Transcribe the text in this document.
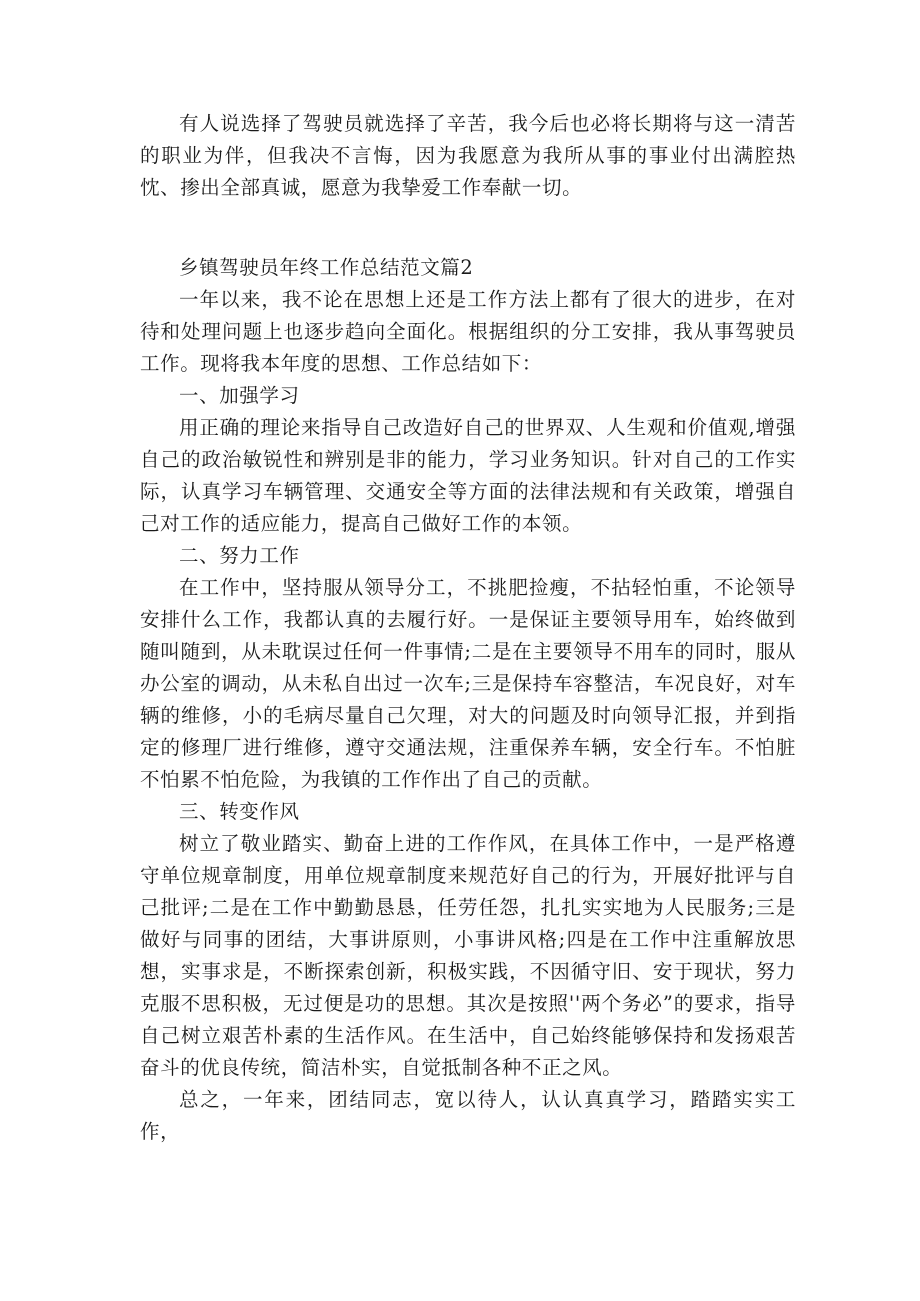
有人说选择了驾驶员就选择了辛苦，我今后也必将长期将与这一清苦的职业为伴，但我决不言悔，因为我愿意为我所从事的事业付出满腔热忱、掺出全部真诚，愿意为我挚爱工作奉献一切。

乡镇驾驶员年终工作总结范文篇2

一年以来，我不论在思想上还是工作方法上都有了很大的进步，在对待和处理问题上也逐步趋向全面化。根据组织的分工安排，我从事驾驶员工作。现将我本年度的思想、工作总结如下：

一、加强学习

用正确的理论来指导自己改造好自己的世界双、人生观和价值观,增强自己的政治敏锐性和辨别是非的能力，学习业务知识。针对自己的工作实际，认真学习车辆管理、交通安全等方面的法律法规和有关政策，增强自己对工作的适应能力，提高自己做好工作的本领。

二、努力工作

在工作中，坚持服从领导分工，不挑肥捡瘦，不拈轻怕重，不论领导安排什么工作，我都认真的去履行好。一是保证主要领导用车，始终做到随叫随到，从未耽误过任何一件事情;二是在主要领导不用车的同时，服从办公室的调动，从未私自出过一次车;三是保持车容整洁，车况良好，对车辆的维修，小的毛病尽量自己欠理，对大的问题及时向领导汇报，并到指定的修理厂进行维修，遵守交通法规，注重保养车辆，安全行车。不怕脏不怕累不怕危险，为我镇的工作作出了自己的贡献。

三、转变作风

树立了敬业踏实、勤奋上进的工作作风，在具体工作中，一是严格遵守单位规章制度，用单位规章制度来规范好自己的行为，开展好批评与自己批评;二是在工作中勤勤恳恳，任劳任怨，扎扎实实地为人民服务;三是做好与同事的团结，大事讲原则，小事讲风格;四是在工作中注重解放思想，实事求是，不断探索创新，积极实践，不因循守旧、安于现状，努力克服不思积极，无过便是功的思想。其次是按照''两个务必”的要求，指导自己树立艰苦朴素的生活作风。在生活中，自己始终能够保持和发扬艰苦奋斗的优良传统，简洁朴实，自觉抵制各种不正之风。

总之，一年来，团结同志，宽以待人，认认真真学习，踏踏实实工作，
